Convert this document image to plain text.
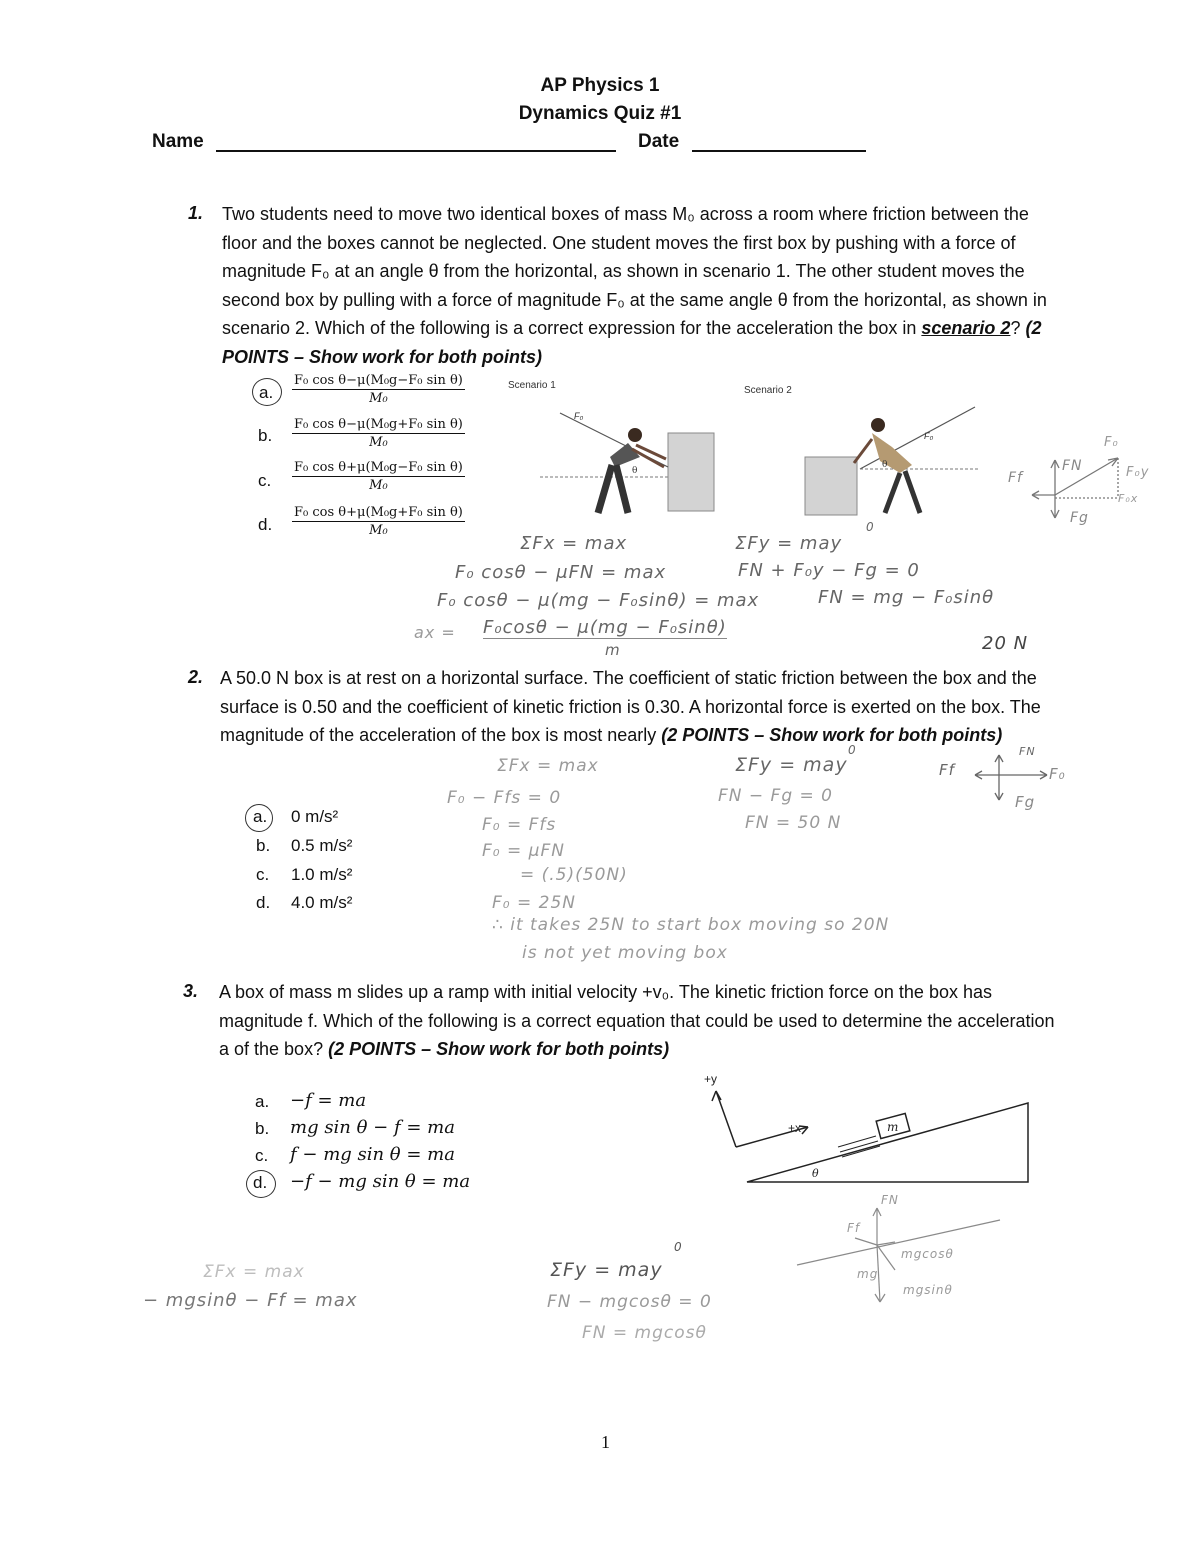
AP Physics 1
Dynamics Quiz #1
Name	Date
1. Two students need to move two identical boxes of mass M₀ across a room where friction between the floor and the boxes cannot be neglected. One student moves the first box by pushing with a force of magnitude F₀ at an angle θ from the horizontal, as shown in scenario 1. The other student moves the second box by pulling with a force of magnitude F₀ at the same angle θ from the horizontal, as shown in scenario 2. Which of the following is a correct expression for the acceleration the box in scenario 2? (2 POINTS – Show work for both points)
a. $\frac{\text{F₀ cos θ−μ(M₀g−F₀ sin θ)}}{\text{M₀}}$
b. $\frac{\text{F₀ cos θ−μ(M₀g+F₀ sin θ)}}{\text{M₀}}$
c. $\frac{\text{F₀ cos θ+μ(M₀g−F₀ sin θ)}}{\text{M₀}}$
d. $\frac{\text{F₀ cos θ+μ(M₀g+F₀ sin θ)}}{\text{M₀}}$
Scenario 1	Scenario 2
F₀
θ
F₀
θ
Ff
FN
F₀
F₀y
F₀x
Fg
ΣFx = max	ΣFy = may
0
F₀ cosθ − μFN = max	FN + F₀y − Fg = 0
F₀ cosθ − μ(mg − F₀sinθ) = max	FN = mg − F₀sinθ
ax = F₀cosθ − μ(mg − F₀sinθ)
m	20 N
2. A 50.0 N box is at rest on a horizontal surface. The coefficient of static friction between the box and the surface is 0.50 and the coefficient of kinetic friction is 0.30. A horizontal force is exerted on the box. The magnitude of the acceleration of the box is most nearly (2 POINTS – Show work for both points)
Ff
FN
F₀
Fg
a. 0 m/s²
b. 0.5 m/s²
c. 1.0 m/s²
d. 4.0 m/s²
ΣFx = max	ΣFy = may
0
F₀ − Ffs = 0	FN − Fg = 0
F₀ = Ffs	FN = 50 N
F₀ = μFN
= (.5)(50N)
F₀ = 25N
∴ it takes 25N to start box moving so 20N
is not yet moving box
3. A box of mass m slides up a ramp with initial velocity +v₀. The kinetic friction force on the box has magnitude f. Which of the following is a correct equation that could be used to determine the acceleration a of the box? (2 POINTS – Show work for both points)
a. −f = ma
b. mg sin θ − f = ma
c. f − mg sin θ = ma
d. −f − mg sin θ = ma
+y
+x	m
θ
FN
Ff
mg
mgcosθ
mgsinθ
ΣFx = max
− mgsinθ − Ff = max
ΣFy = may
0
FN − mgcosθ = 0
FN = mgcosθ
1
